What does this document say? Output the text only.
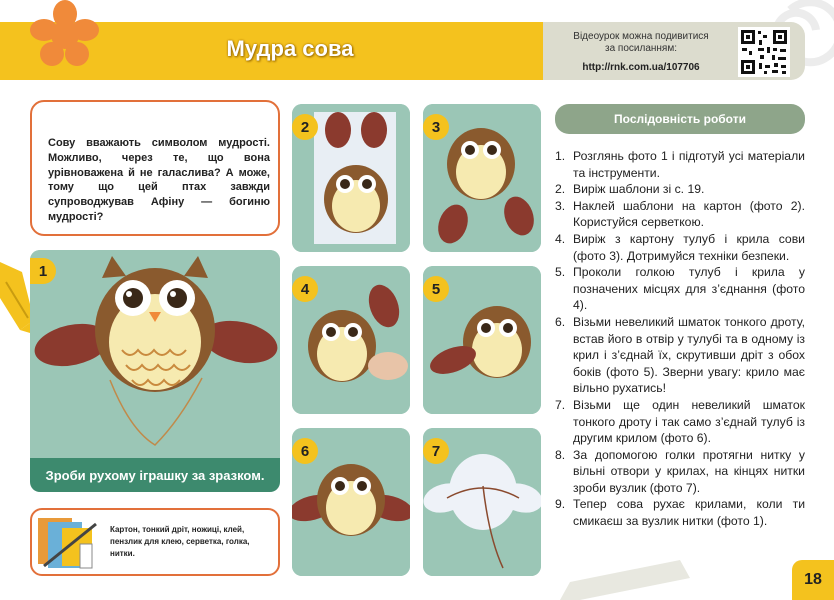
Мудра сова	Відеоурок можна подивитися
за посиланням:
http://rnk.com.ua/107706
Сову вважають символом мудрості. Можливо, через те, що вона урівноважена й не галаслива? А може, тому що цей птах завжди супроводжував Афіну — богиню мудрості?
1
Зроби рухому іграшку за зразком.
Картон, тонкий дріт, ножиці, клей, пензлик для клею, серветка, голка, нитки.
2	3
4	5
6	7
Послідовність роботи
1. Розглянь фото 1 і підготуй усі матеріали та інструменти.
2. Виріж шаблони зі с. 19.
3. Наклей шаблони на картон (фото 2). Користуйся серветкою.
4. Виріж з картону тулуб і крила сови (фото 3). Дотримуйся техніки безпеки.
5. Проколи голкою тулуб і крила у позначених місцях для з’єднання (фото 4).
6. Візьми невеликий шматок тонкого дроту, встав його в отвір у тулубі та в одному із крил і з’єднай їх, скрутивши дріт з обох боків (фото 5). Зверни увагу: крило має вільно рухатись!
7. Візьми ще один невеликий шматок тонкого дроту і так само з’єднай тулуб із другим крилом (фото 6).
8. За допомогою голки протягни нитку у вільні отвори у крилах, на кінцях нитки зроби вузлик (фото 7).
9. Тепер сова рухає крилами, коли ти смикаєш за вузлик нитки (фото 1).
18
